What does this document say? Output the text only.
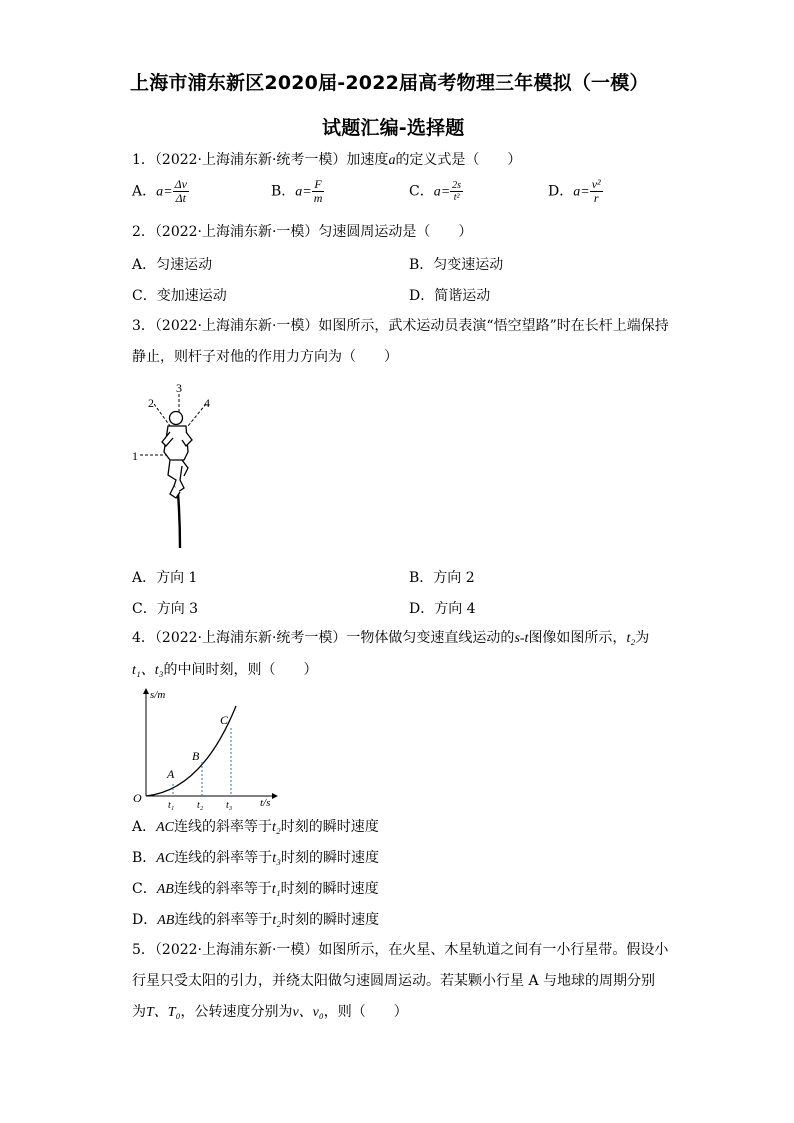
上海市浦东新区2020届-2022届高考物理三年模拟（一模）
试题汇编-选择题
1．（2022·上海浦东新·统考一模）加速度a的定义式是（　　）
A．$a= \frac{\Delta v}{\Delta t}$	B．$a= \frac{F}{m}$	C．$a= \frac{2s}{\text{t²}}$	D．$a= \frac{\text{v²}}{r}$
2．（2022·上海浦东新·一模）匀速圆周运动是（　　）
A．匀速运动	B．匀变速运动
C．变加速运动	D．简谐运动
3．（2022·上海浦东新·一模）如图所示，武术运动员表演“悟空望路”时在长杆上端保持
静止，则杆子对他的作用力方向为（　　）
1
2
3
4
A．方向 1	B．方向 2
C．方向 3	D．方向 4
4．（2022·上海浦东新·统考一模）一物体做匀变速直线运动的s-t图像如图所示，t₂为
t₁、t₃的中间时刻，则（　　）
s/m
t/s
O
A
B
C
t₁ t₂ t₃
A．AC连线的斜率等于t₂时刻的瞬时速度
B．AC连线的斜率等于t₃时刻的瞬时速度
C．AB连线的斜率等于t₁时刻的瞬时速度
D．AB连线的斜率等于t₂时刻的瞬时速度
5．（2022·上海浦东新·一模）如图所示，在火星、木星轨道之间有一小行星带。假设小
行星只受太阳的引力，并绕太阳做匀速圆周运动。若某颗小行星 A 与地球的周期分别
为T、T₀，公转速度分别为v、v₀，则（　　）
